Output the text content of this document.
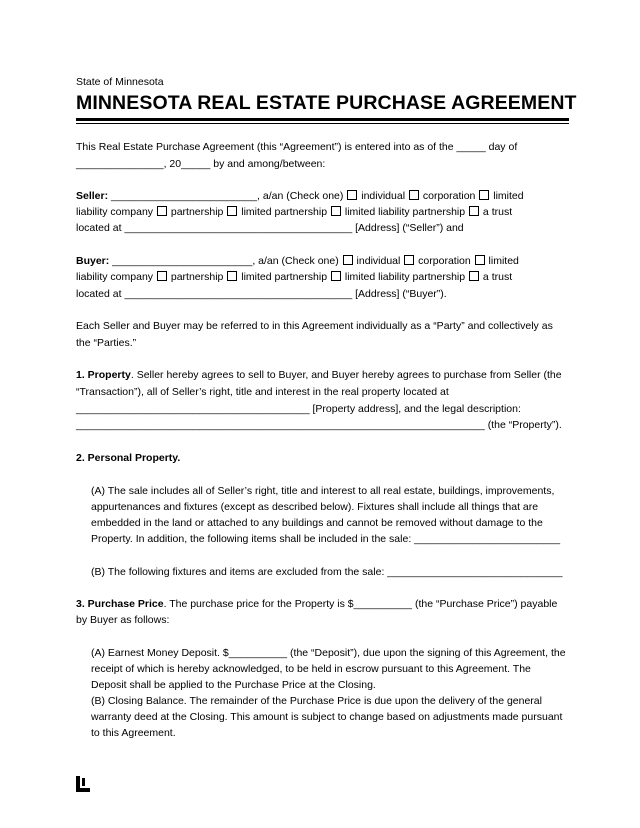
State of Minnesota
MINNESOTA REAL ESTATE PURCHASE AGREEMENT
This Real Estate Purchase Agreement (this “Agreement”) is entered into as of the _____ day of
_______________, 20_____ by and among/between:
Seller: _________________________, a/an (Check one)  individual  corporation  limited
liability company  partnership  limited partnership  limited liability partnership  a trust
located at _______________________________________ [Address] (“Seller”) and
Buyer: ________________________, a/an (Check one)  individual  corporation  limited
liability company  partnership  limited partnership  limited liability partnership  a trust
located at _______________________________________ [Address] (“Buyer”).
Each Seller and Buyer may be referred to in this Agreement individually as a “Party” and collectively as
the “Parties.”
1. Property. Seller hereby agrees to sell to Buyer, and Buyer hereby agrees to purchase from Seller (the
“Transaction”), all of Seller’s right, title and interest in the real property located at
________________________________________ [Property address], and the legal description:
______________________________________________________________________ (the “Property”).
2. Personal Property.
(A) The sale includes all of Seller’s right, title and interest to all real estate, buildings, improvements,
appurtenances and fixtures (except as described below). Fixtures shall include all things that are
embedded in the land or attached to any buildings and cannot be removed without damage to the
Property. In addition, the following items shall be included in the sale: _________________________
(B) The following fixtures and items are excluded from the sale: ______________________________
3. Purchase Price. The purchase price for the Property is $__________ (the “Purchase Price”) payable
by Buyer as follows:
(A) Earnest Money Deposit. $__________ (the “Deposit”), due upon the signing of this Agreement, the
receipt of which is hereby acknowledged, to be held in escrow pursuant to this Agreement. The
Deposit shall be applied to the Purchase Price at the Closing.
(B) Closing Balance. The remainder of the Purchase Price is due upon the delivery of the general
warranty deed at the Closing. This amount is subject to change based on adjustments made pursuant
to this Agreement.
